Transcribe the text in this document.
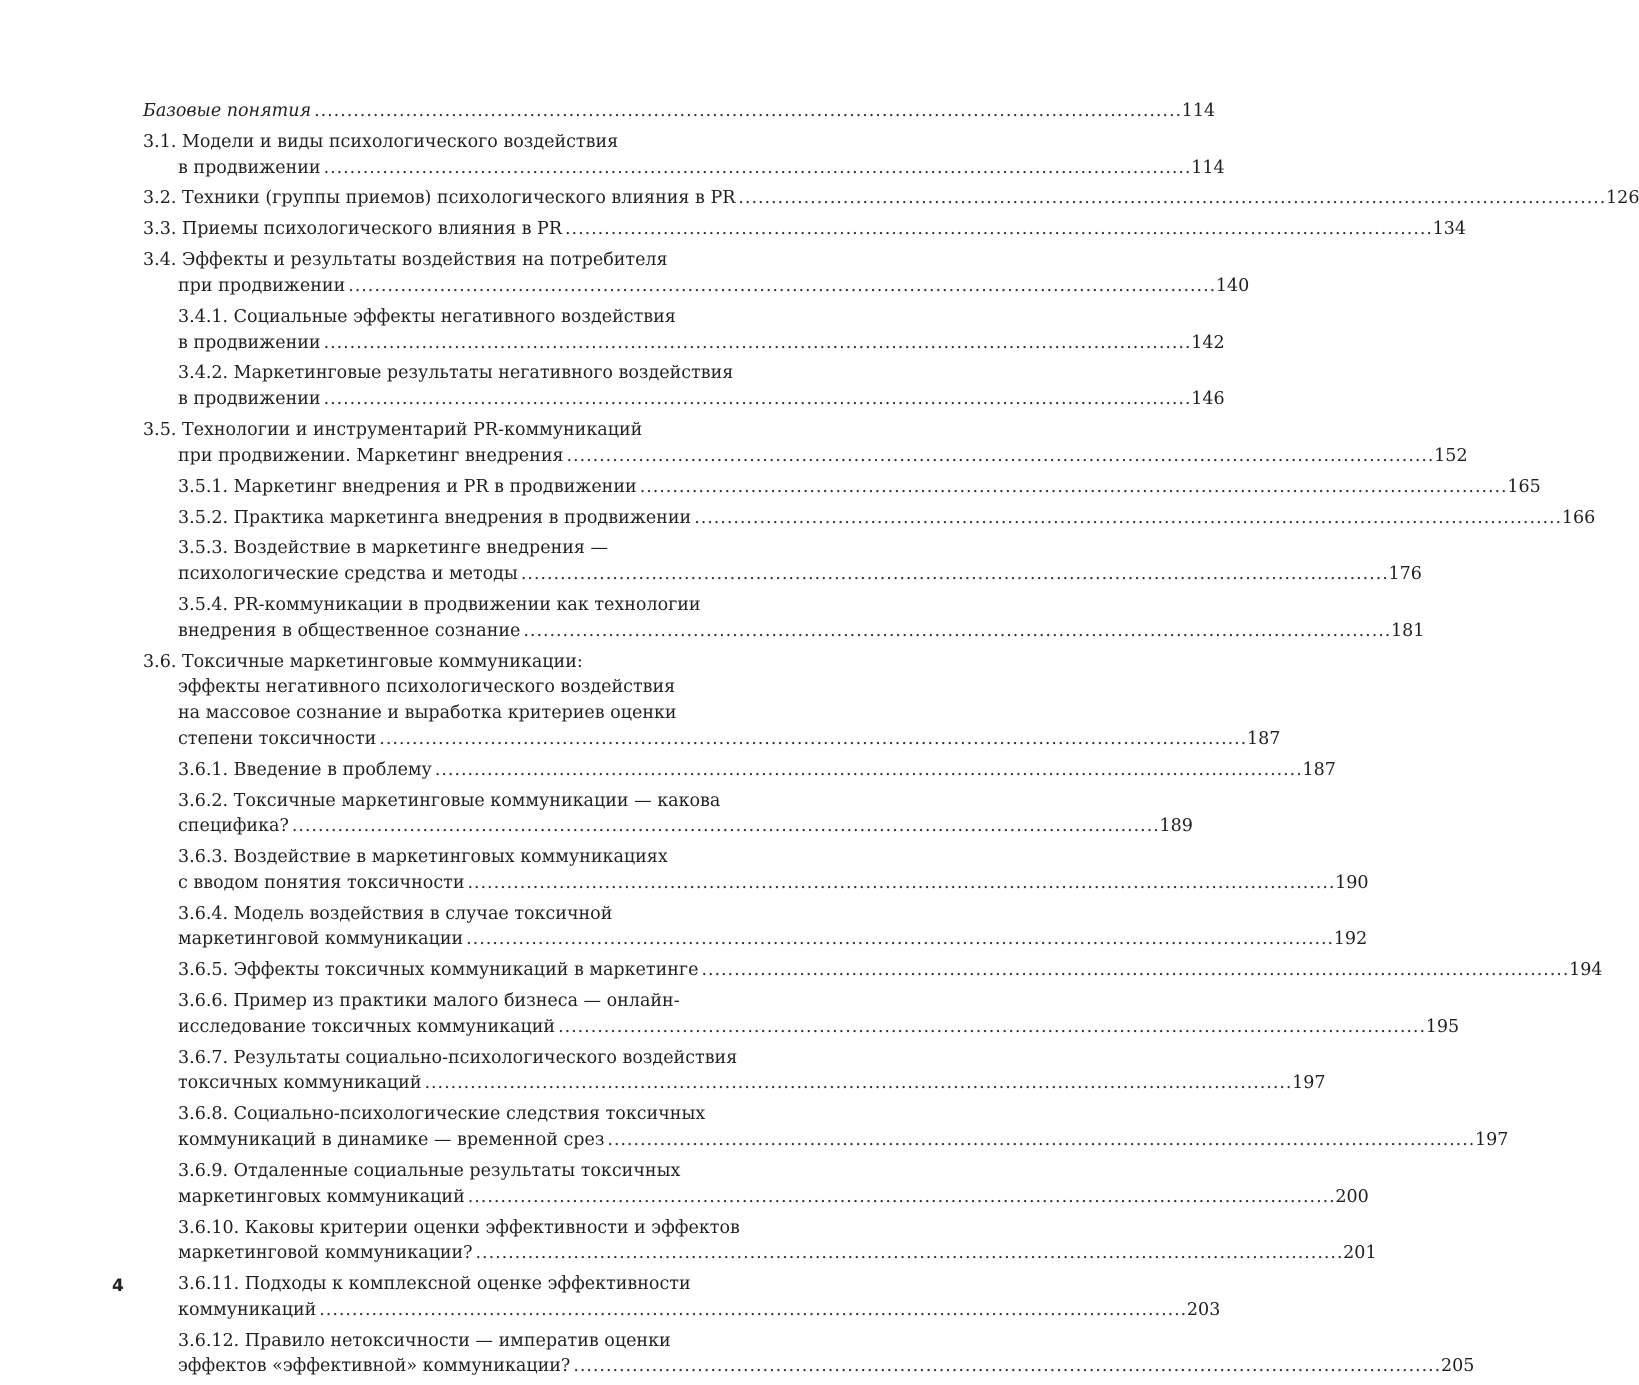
Базовые понятия . . .	114
3.1. Модели и виды психологического воздействия
в продвижении . . .	114
3.2. Техники (группы приемов) психологического влияния в PR . . .	126
3.3. Приемы психологического влияния в PR . . .	134
3.4. Эффекты и результаты воздействия на потребителя
при продвижении . . .	140
3.4.1. Социальные эффекты негативного воздействия
в продвижении . . .	142
3.4.2. Маркетинговые результаты негативного воздействия
в продвижении . . .	146
3.5. Технологии и инструментарий PR-коммуникаций
при продвижении. Маркетинг внедрения . . .	152
3.5.1. Маркетинг внедрения и PR в продвижении . . .	165
3.5.2. Практика маркетинга внедрения в продвижении . . .	166
3.5.3. Воздействие в маркетинге внедрения —
психологические средства и методы . . .	176
3.5.4. PR-коммуникации в продвижении как технологии
внедрения в общественное сознание . . .	181
3.6. Токсичные маркетинговые коммуникации:
эффекты негативного психологического воздействия
на массовое сознание и выработка критериев оценки
степени токсичности . . .	187
3.6.1. Введение в проблему . . .	187
3.6.2. Токсичные маркетинговые коммуникации — какова
специфика? . . .	189
3.6.3. Воздействие в маркетинговых коммуникациях
с вводом понятия токсичности . . .	190
3.6.4. Модель воздействия в случае токсичной
маркетинговой коммуникации . . .	192
3.6.5. Эффекты токсичных коммуникаций в маркетинге . . .	194
3.6.6. Пример из практики малого бизнеса — онлайн-
исследование токсичных коммуникаций . . .	195
3.6.7. Результаты социально-психологического воздействия
токсичных коммуникаций . . .	197
3.6.8. Социально-психологические следствия токсичных
коммуникаций в динамике — временной срез . . .	197
3.6.9. Отдаленные социальные результаты токсичных
маркетинговых коммуникаций . . .	200
3.6.10. Каковы критерии оценки эффективности и эффектов
маркетинговой коммуникации? . . .	201
3.6.11. Подходы к комплексной оценке эффективности
коммуникаций . . .	203
3.6.12. Правило нетоксичности — императив оценки
эффектов «эффективной» коммуникации? . . .	205
4
